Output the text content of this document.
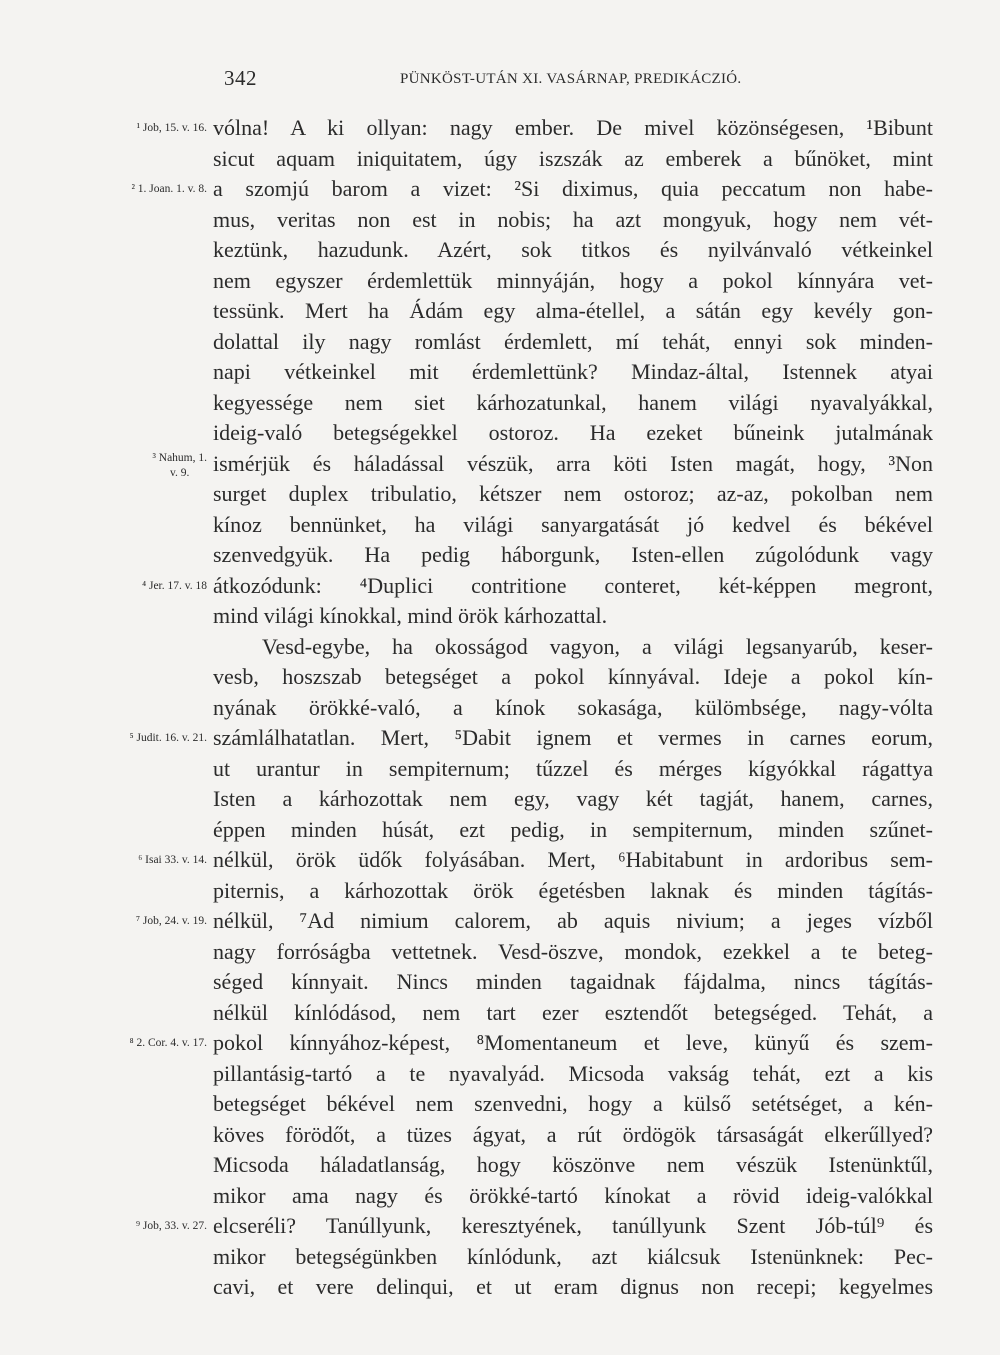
342	PÜNKÖST-UTÁN XI. VASÁRNAP, PREDIKÁCZIÓ.
¹ Job, 15. v. 16. vólna! A ki ollyan: nagy ember. De mivel közönségesen, ¹Bibunt
sicut aquam iniquitatem, úgy iszszák az emberek a bűnöket, mint
² 1. Joan. 1. v. 8. a szomjú barom a vizet: ²Si diximus, quia peccatum non habe-
mus, veritas non est in nobis; ha azt mongyuk, hogy nem vét-
keztünk, hazudunk. Azért, sok titkos és nyilvánvaló vétkeinkel
nem egyszer érdemlettük minnyáján, hogy a pokol kínnyára vet-
tessünk. Mert ha Ádám egy alma-étellel, a sátán egy kevély gon-
dolattal ily nagy romlást érdemlett, mí tehát, ennyi sok minden-
napi vétkeinkel mit érdemlettünk? Mindaz-által, Istennek atyai
kegyessége nem siet kárhozatunkal, hanem világi nyavalyákkal,
ideig-való betegségekkel ostoroz. Ha ezeket bűneink jutalmának
³ Nahum, 1.
v. 9.	ismérjük és háladással vészük, arra köti Isten magát, hogy, ³Non
surget duplex tribulatio, kétszer nem ostoroz; az-az, pokolban nem
kínoz bennünket, ha világi sanyargatását jó kedvel és békével
szenvedgyük. Ha pedig háborgunk, Isten-ellen zúgolódunk vagy
⁴ Jer. 17. v. 18 átkozódunk: ⁴Duplici contritione conteret, két-képpen megront,
mind világi kínokkal, mind örök kárhozattal.
Vesd-egybe, ha okosságod vagyon, a világi legsanyarúb, keser-
vesb, hoszszab betegséget a pokol kínnyával. Ideje a pokol kín-
nyának örökké-való, a kínok sokasága, külömbsége, nagy-vólta
⁵ Judit. 16. v. 21. számlálhatatlan. Mert, ⁵Dabit ignem et vermes in carnes eorum,
ut urantur in sempiternum; tűzzel és mérges kígyókkal rágattya
Isten a kárhozottak nem egy, vagy két tagját, hanem, carnes,
éppen minden húsát, ezt pedig, in sempiternum, minden szűnet-
⁶ Isai 33. v. 14. nélkül, örök üdők folyásában. Mert, ⁶Habitabunt in ardoribus sem-
piternis, a kárhozottak örök égetésben laknak és minden tágítás-
⁷ Job, 24. v. 19. nélkül, ⁷Ad nimium calorem, ab aquis nivium; a jeges vízből
nagy forróságba vettetnek. Vesd-öszve, mondok, ezekkel a te beteg-
séged kínnyait. Nincs minden tagaidnak fájdalma, nincs tágítás-
nélkül kínlódásod, nem tart ezer esztendőt betegséged. Tehát, a
⁸ 2. Cor. 4. v. 17. pokol kínnyához-képest, ⁸Momentaneum et leve, künyű és szem-
pillantásig-tartó a te nyavalyád. Micsoda vakság tehát, ezt a kis
betegséget békével nem szenvedni, hogy a külső setétséget, a kén-
köves förödőt, a tüzes ágyat, a rút ördögök társaságát elkerűllyed?
Micsoda háladatlanság, hogy köszönve nem vészük Istenünktűl,
mikor ama nagy és örökké-tartó kínokat a rövid ideig-valókkal
⁹ Job, 33. v. 27. elcseréli? Tanúllyunk, keresztyének, tanúllyunk Szent Jób-túl⁹ és
mikor betegségünkben kínlódunk, azt kiálcsuk Istenünknek: Pec-
cavi, et vere delinqui, et ut eram dignus non recepi; kegyelmes
